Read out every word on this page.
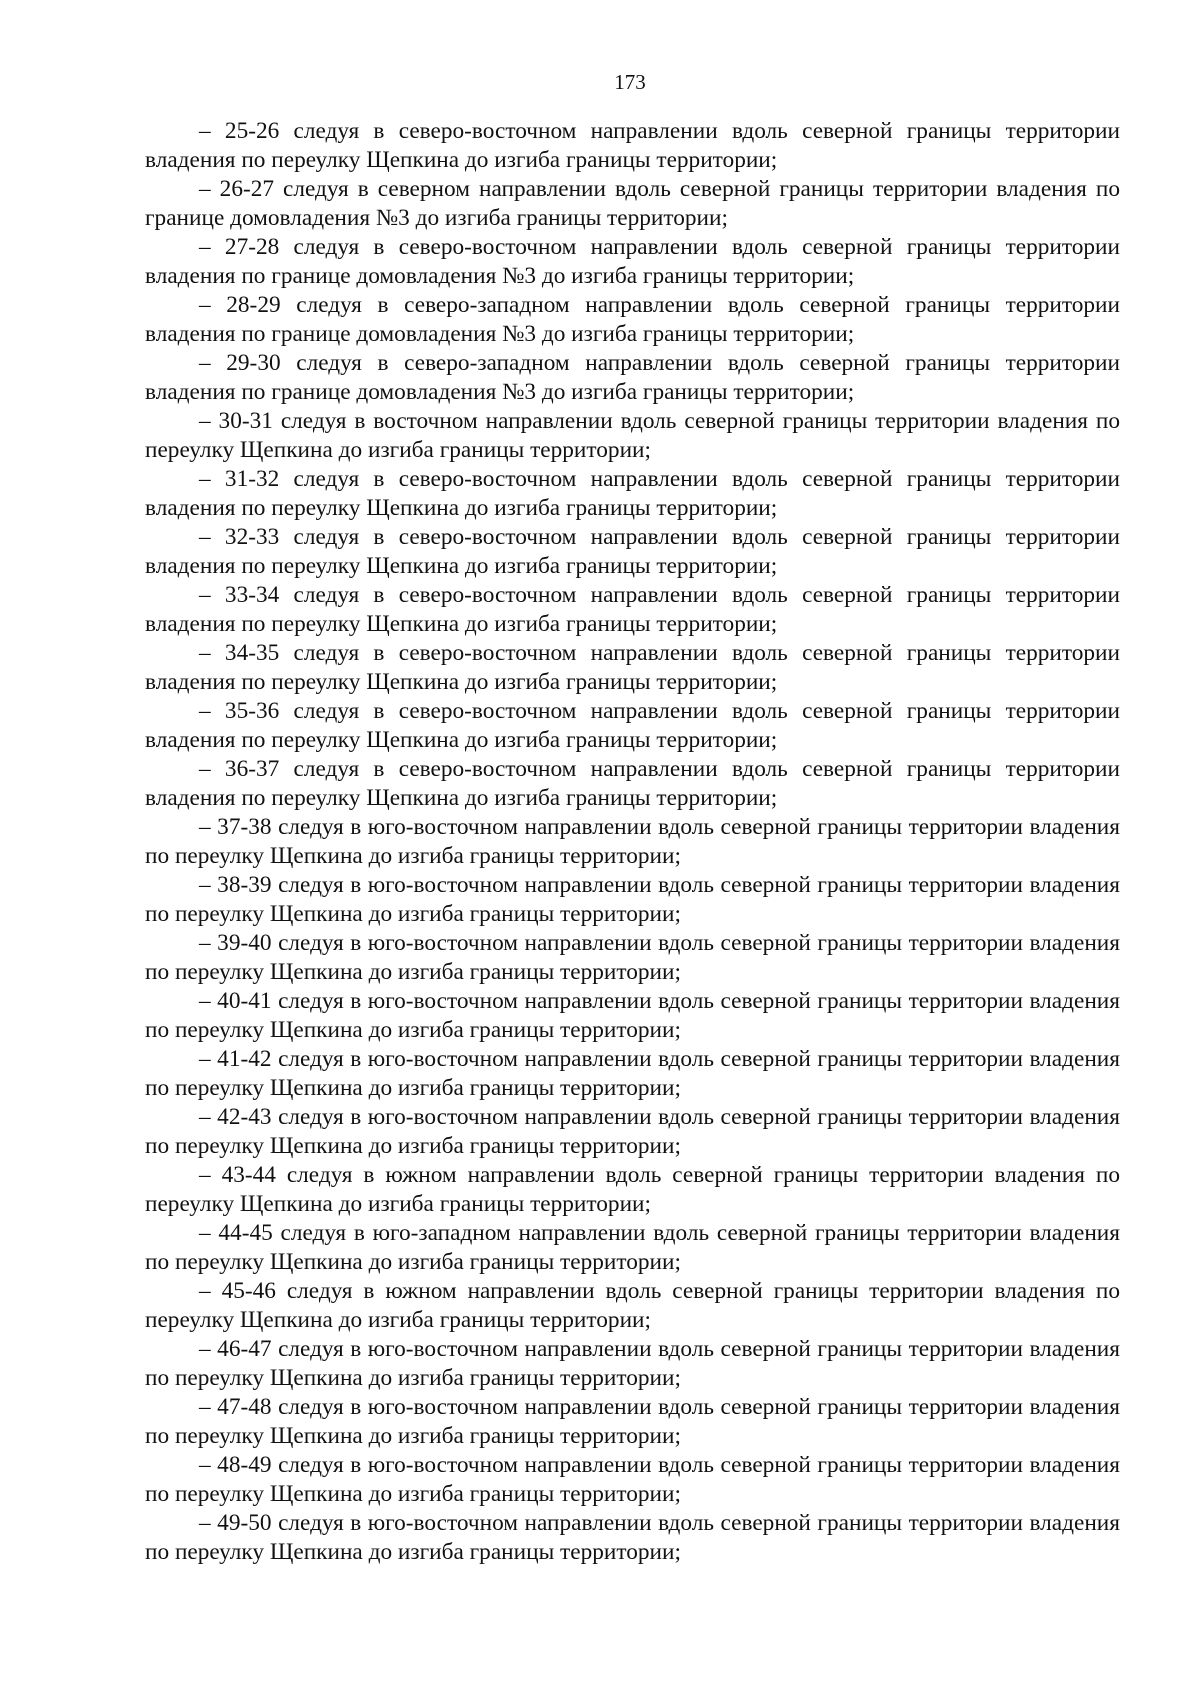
173

– 25-26 следуя в северо-восточном направлении вдоль северной границы территории владения по переулку Щепкина до изгиба границы территории;

– 26-27 следуя в северном направлении вдоль северной границы территории владения по границе домовладения №3 до изгиба границы территории;

– 27-28 следуя в северо-восточном направлении вдоль северной границы территории владения по границе домовладения №3 до изгиба границы территории;

– 28-29 следуя в северо-западном направлении вдоль северной границы территории владения по границе домовладения №3 до изгиба границы территории;

– 29-30 следуя в северо-западном направлении вдоль северной границы территории владения по границе домовладения №3 до изгиба границы территории;

– 30-31 следуя в восточном направлении вдоль северной границы территории владения по переулку Щепкина до изгиба границы территории;

– 31-32 следуя в северо-восточном направлении вдоль северной границы территории владения по переулку Щепкина до изгиба границы территории;

– 32-33 следуя в северо-восточном направлении вдоль северной границы территории владения по переулку Щепкина до изгиба границы территории;

– 33-34 следуя в северо-восточном направлении вдоль северной границы территории владения по переулку Щепкина до изгиба границы территории;

– 34-35 следуя в северо-восточном направлении вдоль северной границы территории владения по переулку Щепкина до изгиба границы территории;

– 35-36 следуя в северо-восточном направлении вдоль северной границы территории владения по переулку Щепкина до изгиба границы территории;

– 36-37 следуя в северо-восточном направлении вдоль северной границы территории владения по переулку Щепкина до изгиба границы территории;

– 37-38 следуя в юго-восточном направлении вдоль северной границы территории владения по переулку Щепкина до изгиба границы территории;

– 38-39 следуя в юго-восточном направлении вдоль северной границы территории владения по переулку Щепкина до изгиба границы территории;

– 39-40 следуя в юго-восточном направлении вдоль северной границы территории владения по переулку Щепкина до изгиба границы территории;

– 40-41 следуя в юго-восточном направлении вдоль северной границы территории владения по переулку Щепкина до изгиба границы территории;

– 41-42 следуя в юго-восточном направлении вдоль северной границы территории владения по переулку Щепкина до изгиба границы территории;

– 42-43 следуя в юго-восточном направлении вдоль северной границы территории владения по переулку Щепкина до изгиба границы территории;

– 43-44 следуя в южном направлении вдоль северной границы территории владения по переулку Щепкина до изгиба границы территории;

– 44-45 следуя в юго-западном направлении вдоль северной границы территории владения по переулку Щепкина до изгиба границы территории;

– 45-46 следуя в южном направлении вдоль северной границы территории владения по переулку Щепкина до изгиба границы территории;

– 46-47 следуя в юго-восточном направлении вдоль северной границы территории владения по переулку Щепкина до изгиба границы территории;

– 47-48 следуя в юго-восточном направлении вдоль северной границы территории владения по переулку Щепкина до изгиба границы территории;

– 48-49 следуя в юго-восточном направлении вдоль северной границы территории владения по переулку Щепкина до изгиба границы территории;

– 49-50 следуя в юго-восточном направлении вдоль северной границы территории владения по переулку Щепкина до изгиба границы территории;
